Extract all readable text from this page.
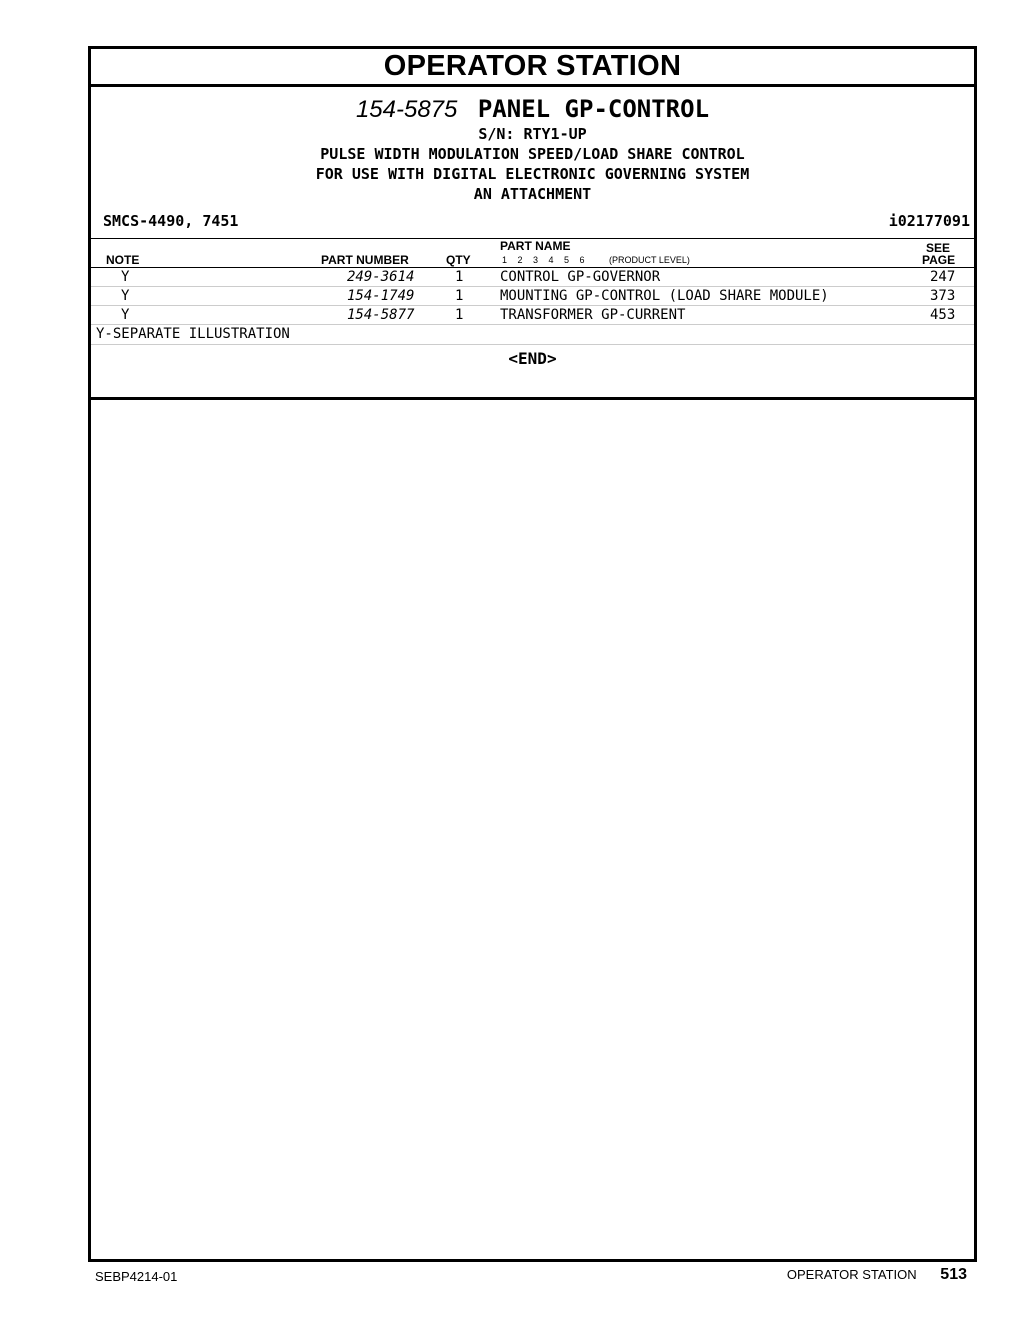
OPERATOR STATION
154-5875 PANEL GP-CONTROL
S/N: RTY1-UP
PULSE WIDTH MODULATION SPEED/LOAD SHARE CONTROL
FOR USE WITH DIGITAL ELECTRONIC GOVERNING SYSTEM
AN ATTACHMENT
SMCS-4490, 7451	i02177091
NOTE	PART NUMBER	QTY
PART NAME
1 2 3 4 5 6	(PRODUCT LEVEL)
SEE
PAGE
Y	249-3614	1	CONTROL GP-GOVERNOR	247
Y	154-1749	1	MOUNTING GP-CONTROL (LOAD SHARE MODULE)	373
Y	154-5877	1	TRANSFORMER GP-CURRENT	453
Y-SEPARATE ILLUSTRATION
<END>
SEBP4214-01	OPERATOR STATION 513
